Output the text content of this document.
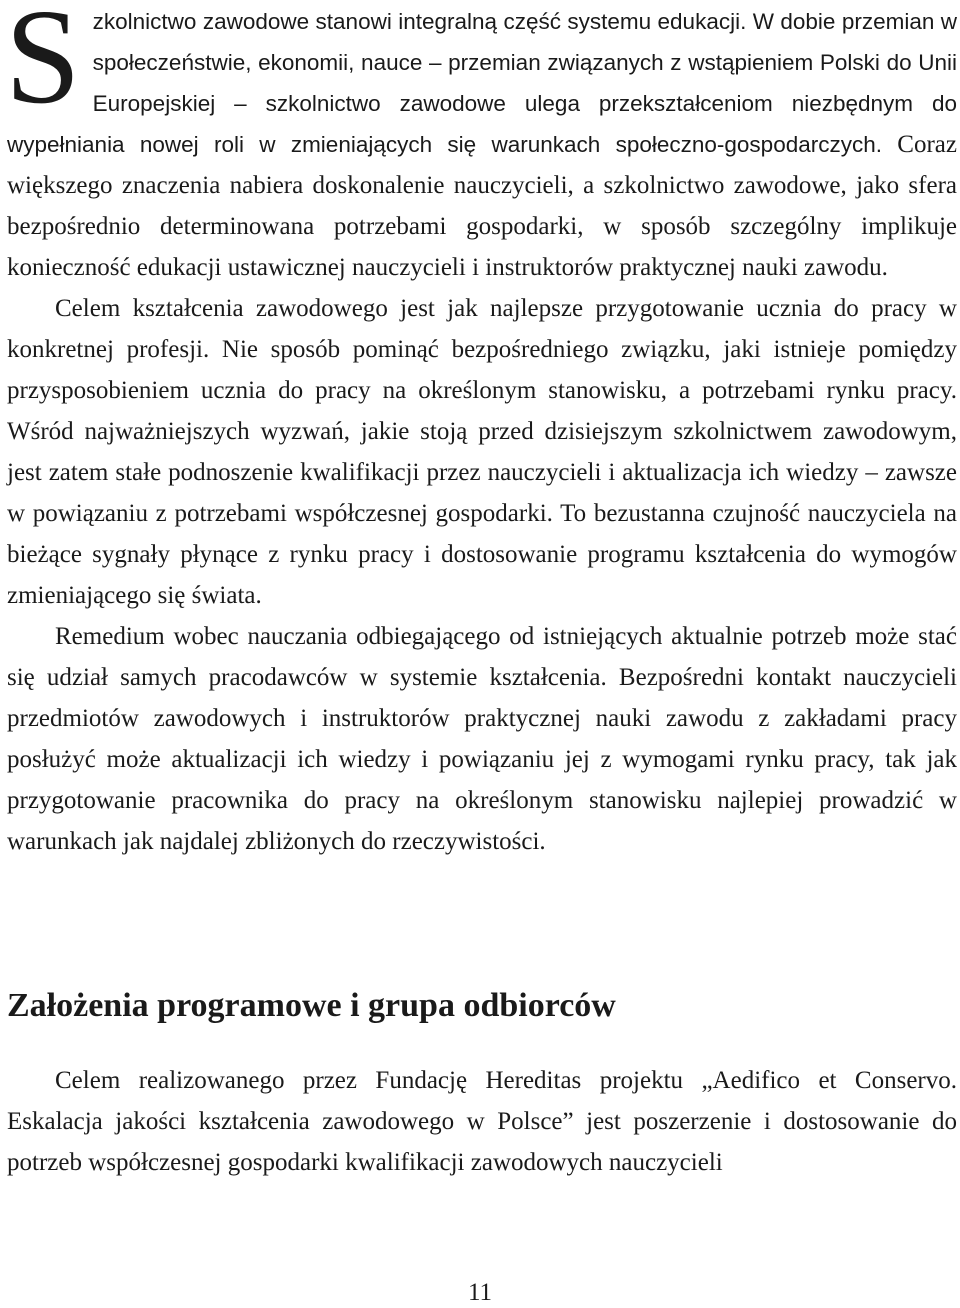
Szkolnictwo zawodowe stanowi integralną część systemu edukacji. W dobie przemian w społeczeństwie, ekonomii, nauce – przemian związanych z wstąpieniem Polski do Unii Europejskiej – szkolnictwo zawodowe ulega przekształceniom niezbędnym do wypełniania nowej roli w zmieniających się warunkach społeczno-gospodarczych. Coraz większego znaczenia nabiera doskonalenie nauczycieli, a szkolnictwo zawodowe, jako sfera bezpośrednio determinowana potrzebami gospodarki, w sposób szczególny implikuje konieczność edukacji ustawicznej nauczycieli i instruktorów praktycznej nauki zawodu.

Celem kształcenia zawodowego jest jak najlepsze przygotowanie ucznia do pracy w konkretnej profesji. Nie sposób pominąć bezpośredniego związku, jaki istnieje pomiędzy przysposobieniem ucznia do pracy na określonym stanowisku, a potrzebami rynku pracy. Wśród najważniejszych wyzwań, jakie stoją przed dzisiejszym szkolnictwem zawodowym, jest zatem stałe podnoszenie kwalifikacji przez nauczycieli i aktualizacja ich wiedzy – zawsze w powiązaniu z potrzebami współczesnej gospodarki. To bezustanna czujność nauczyciela na bieżące sygnały płynące z rynku pracy i dostosowanie programu kształcenia do wymogów zmieniającego się świata.

Remedium wobec nauczania odbiegającego od istniejących aktualnie potrzeb może stać się udział samych pracodawców w systemie kształcenia. Bezpośredni kontakt nauczycieli przedmiotów zawodowych i instruktorów praktycznej nauki zawodu z zakładami pracy posłużyć może aktualizacji ich wiedzy i powiązaniu jej z wymogami rynku pracy, tak jak przygotowanie pracownika do pracy na określonym stanowisku najlepiej prowadzić w warunkach jak najdalej zbliżonych do rzeczywistości.

Założenia programowe i grupa odbiorców

Celem realizowanego przez Fundację Hereditas projektu „Aedifico et Conservo. Eskalacja jakości kształcenia zawodowego w Polsce” jest poszerzenie i dostosowanie do potrzeb współczesnej gospodarki kwalifikacji zawodowych nauczycieli

11
